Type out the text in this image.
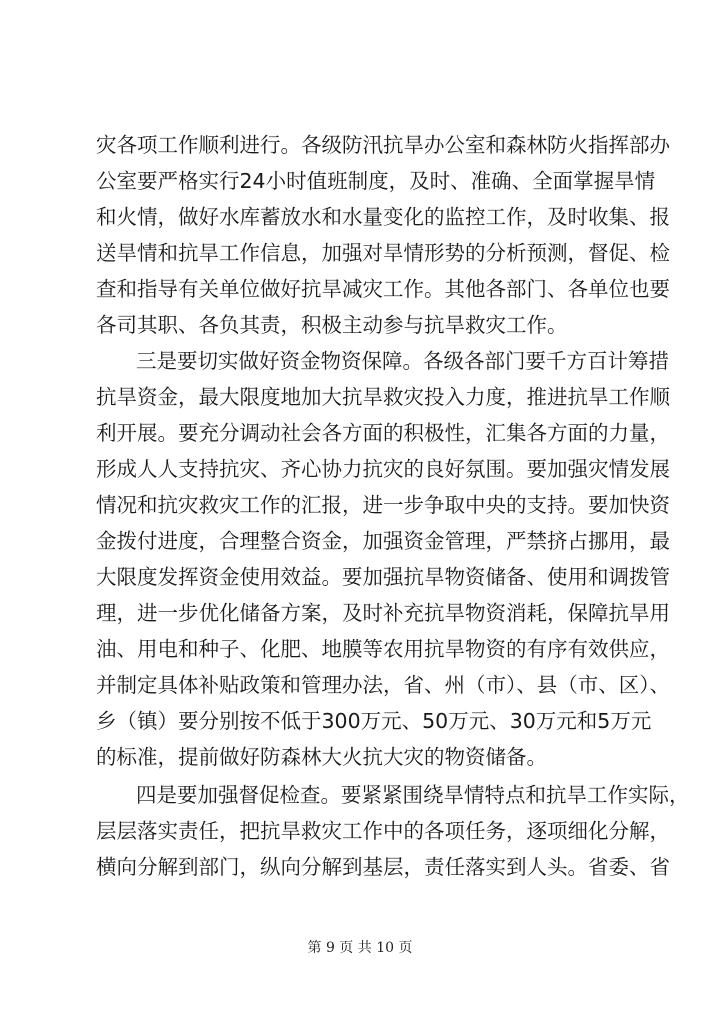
灾各项工作顺利进行。各级防汛抗旱办公室和森林防火指挥部办
公室要严格实行24小时值班制度，及时、准确、全面掌握旱情
和火情，做好水库蓄放水和水量变化的监控工作，及时收集、报
送旱情和抗旱工作信息，加强对旱情形势的分析预测，督促、检
查和指导有关单位做好抗旱减灾工作。其他各部门、各单位也要
各司其职、各负其责，积极主动参与抗旱救灾工作。
三是要切实做好资金物资保障。各级各部门要千方百计筹措
抗旱资金，最大限度地加大抗旱救灾投入力度，推进抗旱工作顺
利开展。要充分调动社会各方面的积极性，汇集各方面的力量，
形成人人支持抗灾、齐心协力抗灾的良好氛围。要加强灾情发展
情况和抗灾救灾工作的汇报，进一步争取中央的支持。要加快资
金拨付进度，合理整合资金，加强资金管理，严禁挤占挪用，最
大限度发挥资金使用效益。要加强抗旱物资储备、使用和调拨管
理，进一步优化储备方案，及时补充抗旱物资消耗，保障抗旱用
油、用电和种子、化肥、地膜等农用抗旱物资的有序有效供应，
并制定具体补贴政策和管理办法，省、州（市）、县（市、区）、
乡（镇）要分别按不低于300万元、50万元、30万元和5万元
的标准，提前做好防森林大火抗大灾的物资储备。
四是要加强督促检查。要紧紧围绕旱情特点和抗旱工作实际，
层层落实责任，把抗旱救灾工作中的各项任务，逐项细化分解，
横向分解到部门，纵向分解到基层，责任落实到人头。省委、省
第 9 页 共 10 页
